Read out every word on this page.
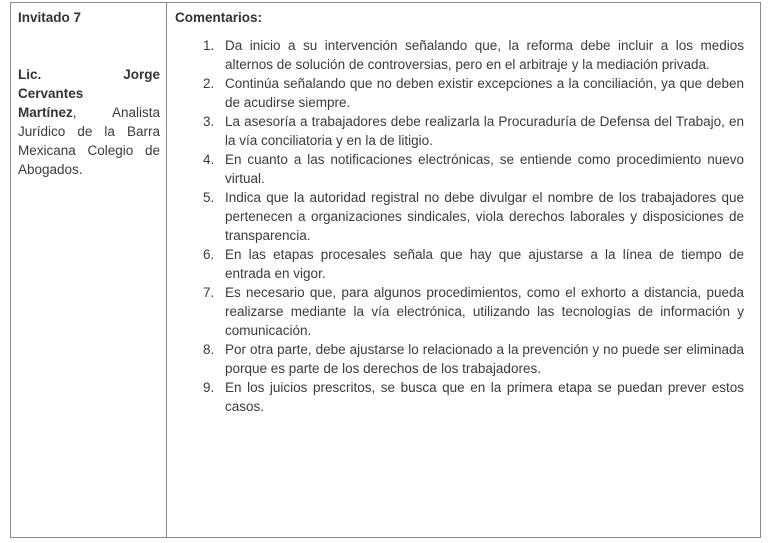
Invitado 7
Lic.	Jorge
Cervantes
Martínez, Analista Jurídico de la Barra Mexicana Colegio de Abogados.
Comentarios:
1. Da inicio a su intervención señalando que, la reforma debe incluir a los medios alternos de solución de controversias, pero en el arbitraje y la mediación privada.
2. Continúa señalando que no deben existir excepciones a la conciliación, ya que deben de acudirse siempre.
3. La asesoría a trabajadores debe realizarla la Procuraduría de Defensa del Trabajo, en la vía conciliatoria y en la de litigio.
4. En cuanto a las notificaciones electrónicas, se entiende como procedimiento nuevo virtual.
5. Indica que la autoridad registral no debe divulgar el nombre de los trabajadores que pertenecen a organizaciones sindicales, viola derechos laborales y disposiciones de transparencia.
6. En las etapas procesales señala que hay que ajustarse a la línea de tiempo de entrada en vigor.
7. Es necesario que, para algunos procedimientos, como el exhorto a distancia, pueda realizarse mediante la vía electrónica, utilizando las tecnologías de información y comunicación.
8. Por otra parte, debe ajustarse lo relacionado a la prevención y no puede ser eliminada porque es parte de los derechos de los trabajadores.
9. En los juicios prescritos, se busca que en la primera etapa se puedan prever estos casos.
